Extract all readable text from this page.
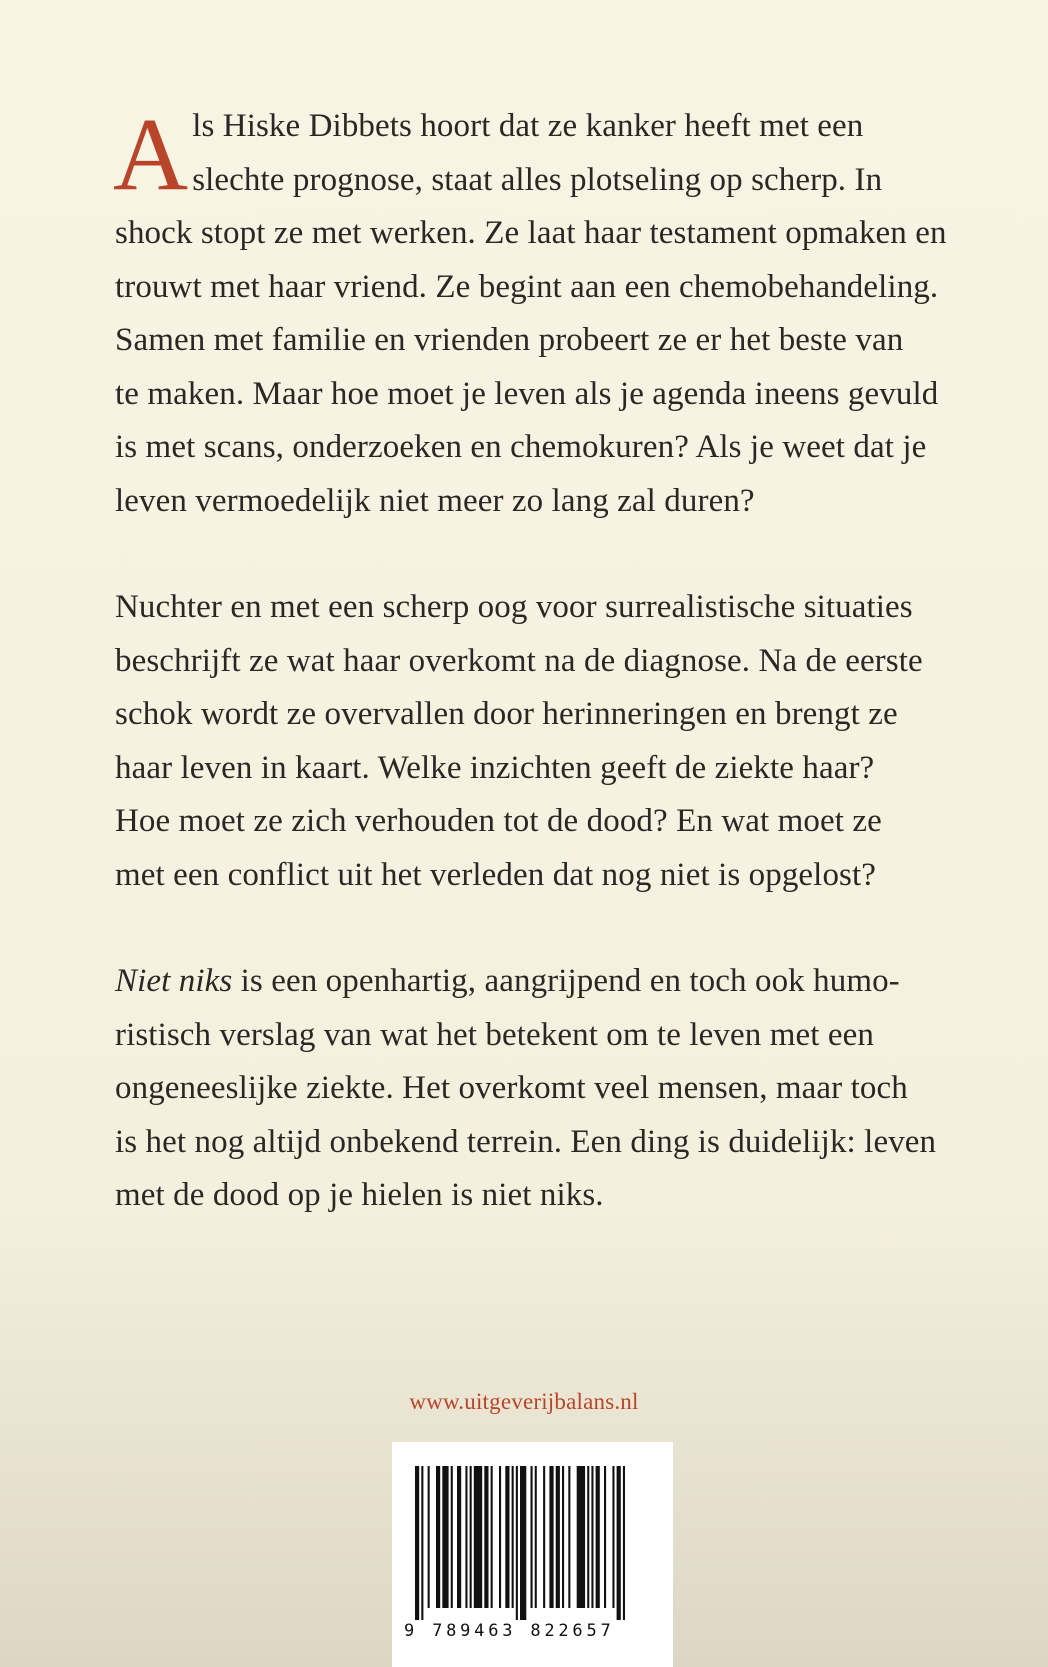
A ls Hiske Dibbets hoort dat ze kanker heeft met een
slechte prognose, staat alles plotseling op scherp. In
shock stopt ze met werken. Ze laat haar testament opmaken en
trouwt met haar vriend. Ze begint aan een chemobehandeling.
Samen met familie en vrienden probeert ze er het beste van
te maken. Maar hoe moet je leven als je agenda ineens gevuld
is met scans, onderzoeken en chemokuren? Als je weet dat je
leven vermoedelijk niet meer zo lang zal duren?
Nuchter en met een scherp oog voor surrealistische situaties
beschrijft ze wat haar overkomt na de diagnose. Na de eerste
schok wordt ze overvallen door herinneringen en brengt ze
haar leven in kaart. Welke inzichten geeft de ziekte haar?
Hoe moet ze zich verhouden tot de dood? En wat moet ze
met een conflict uit het verleden dat nog niet is opgelost?
Niet niks is een openhartig, aangrijpend en toch ook humo-
ristisch verslag van wat het betekent om te leven met een
ongeneeslijke ziekte. Het overkomt veel mensen, maar toch
is het nog altijd onbekend terrein. Een ding is duidelijk: leven
met de dood op je hielen is niet niks.
www.uitgeverijbalans.nl
9 789463 822657
